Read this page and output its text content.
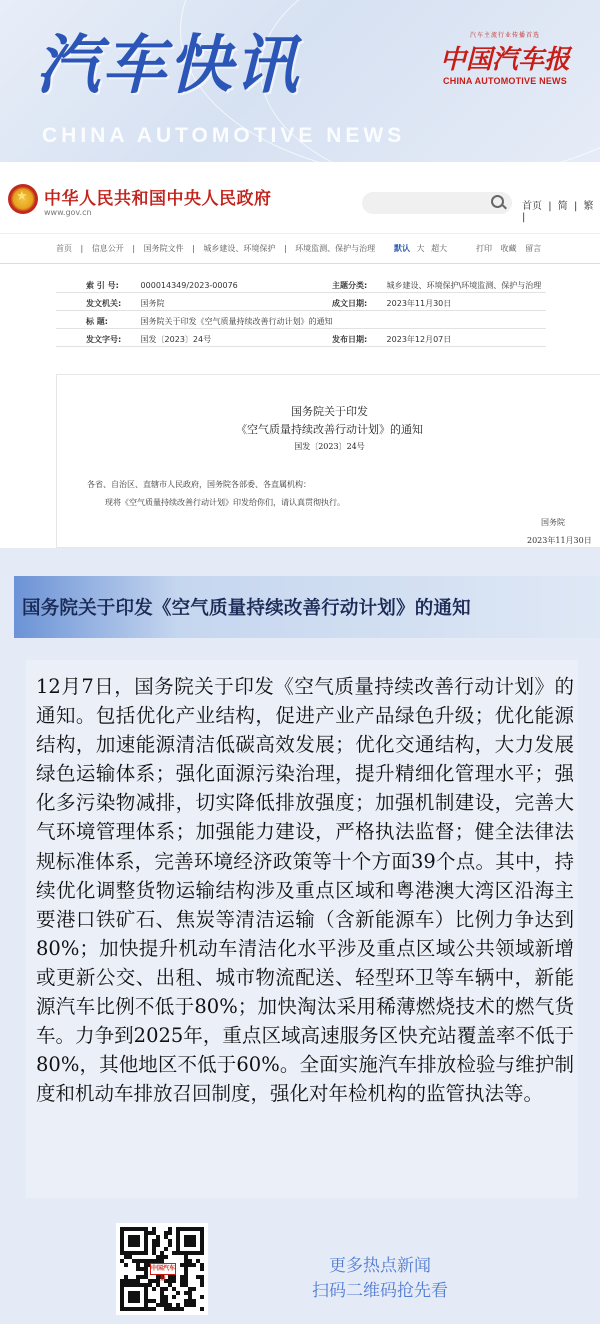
汽车快讯
CHINA AUTOMOTIVE NEWS
汽车主流行业传播首选
中国汽车报
CHINA AUTOMOTIVE NEWS
★
中华人民共和国中央人民政府
www.gov.cn
首页 | 简 | 繁 |
首页 | 信息公开 | 国务院文件 | 城乡建设、环境保护 | 环境监测、保护与治理	默认 大 超大	打印 收藏 留言
索 引 号:	000014349/2023-00076	主题分类: 城乡建设、环境保护\环境监测、保护与治理
发文机关: 国务院	成文日期: 2023年11月30日
标 题:	国务院关于印发《空气质量持续改善行动计划》的通知
发文字号: 国发〔2023〕24号	发布日期: 2023年12月07日
国务院关于印发
《空气质量持续改善行动计划》的通知
国发〔2023〕24号
各省、自治区、直辖市人民政府，国务院各部委、各直属机构：
现将《空气质量持续改善行动计划》印发给你们，请认真贯彻执行。
国务院
2023年11月30日
国务院关于印发《空气质量持续改善行动计划》的通知

12月7日，国务院关于印发《空气质量持续改善行动计划》的通知。包括优化产业结构，促进产业产品绿色升级；优化能源结构，加速能源清洁低碳高效发展；优化交通结构，大力发展绿色运输体系；强化面源污染治理，提升精细化管理水平；强化多污染物减排，切实降低排放强度；加强机制建设，完善大气环境管理体系；加强能力建设，严格执法监督；健全法律法规标准体系，完善环境经济政策等十个方面39个点。其中，持续优化调整货物运输结构涉及重点区域和粤港澳大湾区沿海主要港口铁矿石、焦炭等清洁运输（含新能源车）比例力争达到80%；加快提升机动车清洁化水平涉及重点区域公共领域新增或更新公交、出租、城市物流配送、轻型环卫等车辆中，新能源汽车比例不低于80%；加快淘汰采用稀薄燃烧技术的燃气货车。力争到2025年，重点区域高速服务区快充站覆盖率不低于80%，其他地区不低于60%。全面实施汽车排放检验与维护制度和机动车排放召回制度，强化对年检机构的监管执法等。

中国汽车报
更多热点新闻
扫码二维码抢先看
